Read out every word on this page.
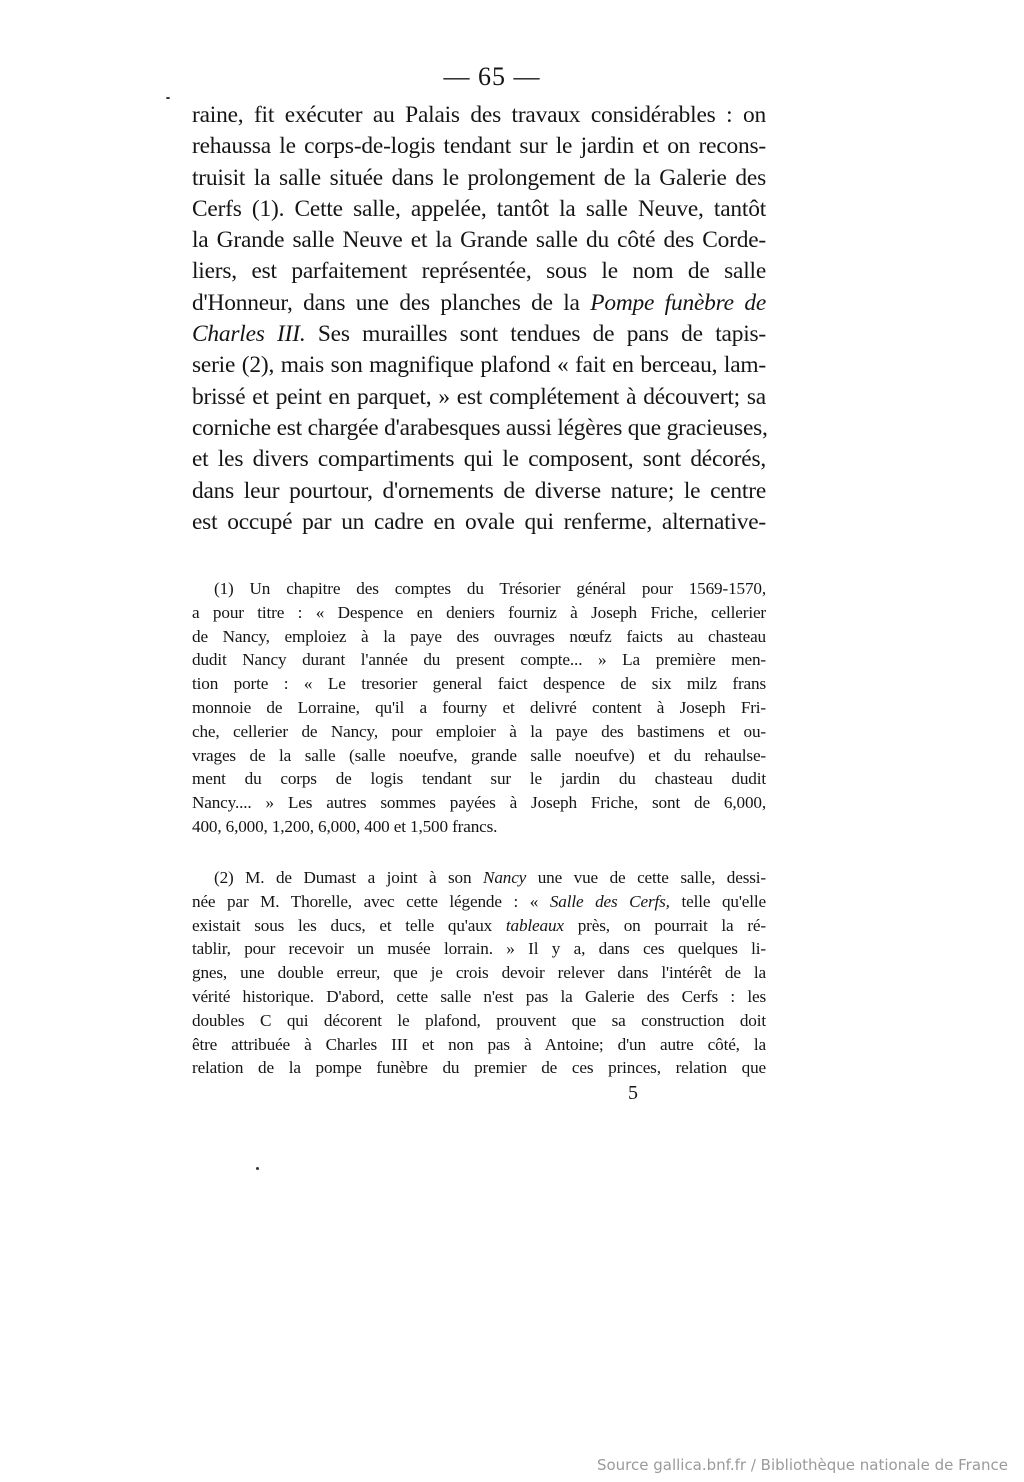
— 65 —
raine, fit exécuter au Palais des travaux considérables : on
rehaussa le corps-de-logis tendant sur le jardin et on recons-
truisit la salle située dans le prolongement de la Galerie des
Cerfs (1). Cette salle, appelée, tantôt la salle Neuve, tantôt
la Grande salle Neuve et la Grande salle du côté des Corde-
liers, est parfaitement représentée, sous le nom de salle
d'Honneur, dans une des planches de la Pompe funèbre de
Charles III. Ses murailles sont tendues de pans de tapis-
serie (2), mais son magnifique plafond « fait en berceau, lam-
brissé et peint en parquet, » est complétement à découvert; sa
corniche est chargée d'arabesques aussi légères que gracieuses,
et les divers compartiments qui le composent, sont décorés,
dans leur pourtour, d'ornements de diverse nature; le centre
est occupé par un cadre en ovale qui renferme, alternative-
(1) Un chapitre des comptes du Trésorier général pour 1569-1570,
a pour titre : « Despence en deniers fourniz à Joseph Friche, cellerier
de Nancy, emploiez à la paye des ouvrages nœufz faicts au chasteau
dudit Nancy durant l'année du present compte... » La première men-
tion porte : « Le tresorier general faict despence de six milz frans
monnoie de Lorraine, qu'il a fourny et delivré content à Joseph Fri-
che, cellerier de Nancy, pour emploier à la paye des bastimens et ou-
vrages de la salle (salle noeufve, grande salle noeufve) et du rehaulse-
ment du corps de logis tendant sur le jardin du chasteau dudit
Nancy.... » Les autres sommes payées à Joseph Friche, sont de 6,000,
400, 6,000, 1,200, 6,000, 400 et 1,500 francs.
(2) M. de Dumast a joint à son Nancy une vue de cette salle, dessi-
née par M. Thorelle, avec cette légende : « Salle des Cerfs, telle qu'elle
existait sous les ducs, et telle qu'aux tableaux près, on pourrait la ré-
tablir, pour recevoir un musée lorrain. » Il y a, dans ces quelques li-
gnes, une double erreur, que je crois devoir relever dans l'intérêt de la
vérité historique. D'abord, cette salle n'est pas la Galerie des Cerfs : les
doubles C qui décorent le plafond, prouvent que sa construction doit
être attribuée à Charles III et non pas à Antoine; d'un autre côté, la
relation de la pompe funèbre du premier de ces princes, relation que
5
Source gallica.bnf.fr / Bibliothèque nationale de France
